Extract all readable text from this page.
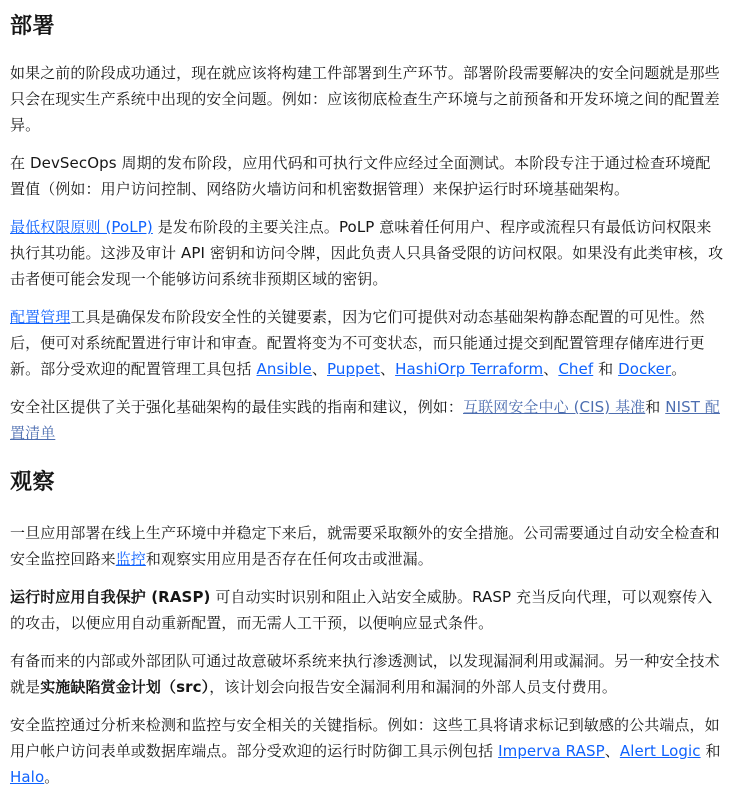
部署

如果之前的阶段成功通过，现在就应该将构建工件部署到生产环节。部署阶段需要解决的安全问题就是那些只会在现实生产系统中出现的安全问题。例如：应该彻底检查生产环境与之前预备和开发环境之间的配置差异。

在 DevSecOps 周期的发布阶段，应用代码和可执行文件应经过全面测试。本阶段专注于通过检查环境配置值（例如：用户访问控制、网络防火墙访问和机密数据管理）来保护运行时环境基础架构。

最低权限原则 (PoLP) 是发布阶段的主要关注点。PoLP 意味着任何用户、程序或流程只有最低访问权限来执行其功能。这涉及审计 API 密钥和访问令牌，因此负责人只具备受限的访问权限。如果没有此类审核，攻击者便可能会发现一个能够访问系统非预期区域的密钥。

配置管理工具是确保发布阶段安全性的关键要素，因为它们可提供对动态基础架构静态配置的可见性。然后，便可对系统配置进行审计和审查。配置将变为不可变状态，而只能通过提交到配置管理存储库进行更新。部分受欢迎的配置管理工具包括 Ansible、Puppet、HashiOrp Terraform、Chef 和 Docker。

安全社区提供了关于强化基础架构的最佳实践的指南和建议，例如：互联网安全中心 (CIS) 基准和 NIST 配置清单

观察

一旦应用部署在线上生产环境中并稳定下来后，就需要采取额外的安全措施。公司需要通过自动安全检查和安全监控回路来监控和观察实用应用是否存在任何攻击或泄漏。

运行时应用自我保护 (RASP) 可自动实时识别和阻止入站安全威胁。RASP 充当反向代理，可以观察传入的攻击，以便应用自动重新配置，而无需人工干预，以便响应显式条件。

有备而来的内部或外部团队可通过故意破坏系统来执行渗透测试，以发现漏洞利用或漏洞。另一种安全技术就是实施缺陷赏金计划（src），该计划会向报告安全漏洞利用和漏洞的外部人员支付费用。

安全监控通过分析来检测和监控与安全相关的关键指标。例如：这些工具将请求标记到敏感的公共端点，如用户帐户访问表单或数据库端点。部分受欢迎的运行时防御工具示例包括 Imperva RASP、Alert Logic 和 Halo。
